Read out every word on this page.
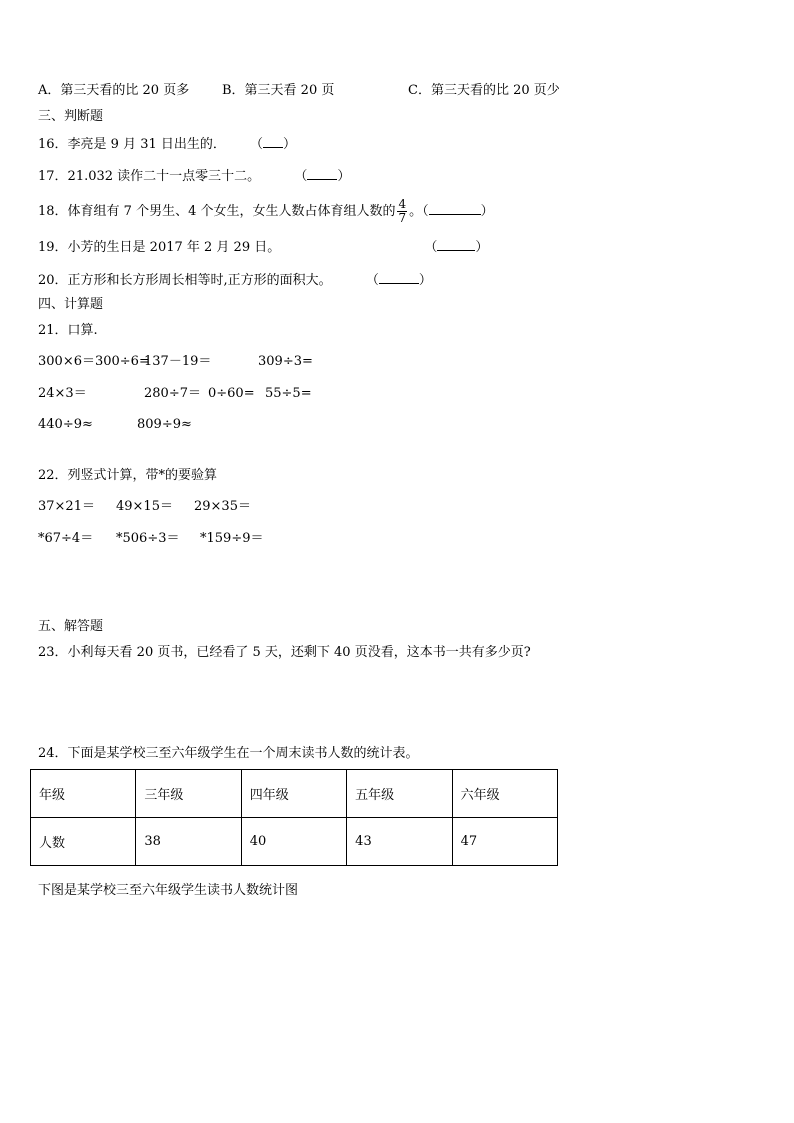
A．第三天看的比 20 页多	B．第三天看 20 页	C．第三天看的比 20 页少
三、判断题
16．李亮是 9 月 31 日出生的． （ ）
17．21.032 读作二十一点零三十二。	（ ）
18．体育组有 7 个男生、4 个女生，女生人数占体育组人数的 $\frac{4}{7}$ 。（	）
19．小芳的生日是 2017 年 2 月 29 日。	（	）
20．正方形和长方形周长相等时,正方形的面积大。	（	）
四、计算题
21．口算.
300×6＝300÷6=
137－19＝	309÷3=
24×3＝	280÷7＝ 0÷60= 55÷5=
440÷9≈	809÷9≈
22．列竖式计算，带*的要验算
37×21＝ 49×15＝ 29×35＝
*67÷4＝ *506÷3＝ *159÷9＝
五、解答题
23．小利每天看 20 页书，已经看了 5 天，还剩下 40 页没看，这本书一共有多少页?
24．下面是某学校三至六年级学生在一个周末读书人数的统计表。
年级	三年级	四年级	五年级	六年级
人数	38	40	43	47
下图是某学校三至六年级学生读书人数统计图
